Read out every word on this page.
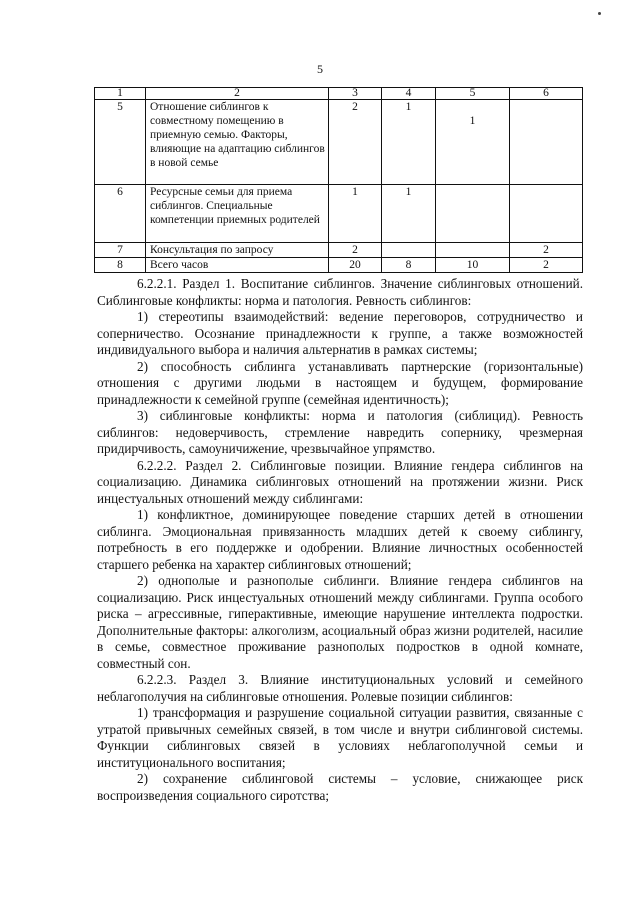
5
1	2	3	4	5	6
5	Отношение сиблингов к совместному помещению в приемную семью. Факторы, влияющие на адаптацию сиблингов в новой семье	2	1	1	
6	Ресурсные семьи для приема сиблингов. Специальные компетенции приемных родителей	1	1		
7	Консультация по запросу	2			2
8	Всего часов	20	8	10	2

6.2.2.1. Раздел 1. Воспитание сиблингов. Значение сиблинговых отношений. Сиблинговые конфликты: норма и патология. Ревность сиблингов:

1) стереотипы взаимодействий: ведение переговоров, сотрудничество и соперничество. Осознание принадлежности к группе, а также возможностей индивидуального выбора и наличия альтернатив в рамках системы;

2) способность сиблинга устанавливать партнерские (горизонтальные) отношения с другими людьми в настоящем и будущем, формирование принадлежности к семейной группе (семейная идентичность);

3) сиблинговые конфликты: норма и патология (сиблицид). Ревность сиблингов: недоверчивость, стремление навредить сопернику, чрезмерная придирчивость, самоуничижение, чрезвычайное упрямство.

6.2.2.2. Раздел 2. Сиблинговые позиции. Влияние гендера сиблингов на социализацию. Динамика сиблинговых отношений на протяжении жизни. Риск инцестуальных отношений между сиблингами:

1) конфликтное, доминирующее поведение старших детей в отношении сиблинга. Эмоциональная привязанность младших детей к своему сиблингу, потребность в его поддержке и одобрении. Влияние личностных особенностей старшего ребенка на характер сиблинговых отношений;

2) однополые и разнополые сиблинги. Влияние гендера сиблингов на социализацию. Риск инцестуальных отношений между сиблингами. Группа особого риска – агрессивные, гиперактивные, имеющие нарушение интеллекта подростки. Дополнительные факторы: алкоголизм, асоциальный образ жизни родителей, насилие в семье, совместное проживание разнополых подростков в одной комнате, совместный сон.

6.2.2.3. Раздел 3. Влияние институциональных условий и семейного неблагополучия на сиблинговые отношения. Ролевые позиции сиблингов:

1) трансформация и разрушение социальной ситуации развития, связанные с утратой привычных семейных связей, в том числе и внутри сиблинговой системы. Функции сиблинговых связей в условиях неблагополучной семьи и институционального воспитания;

2) сохранение сиблинговой системы – условие, снижающее риск воспроизведения социального сиротства;
